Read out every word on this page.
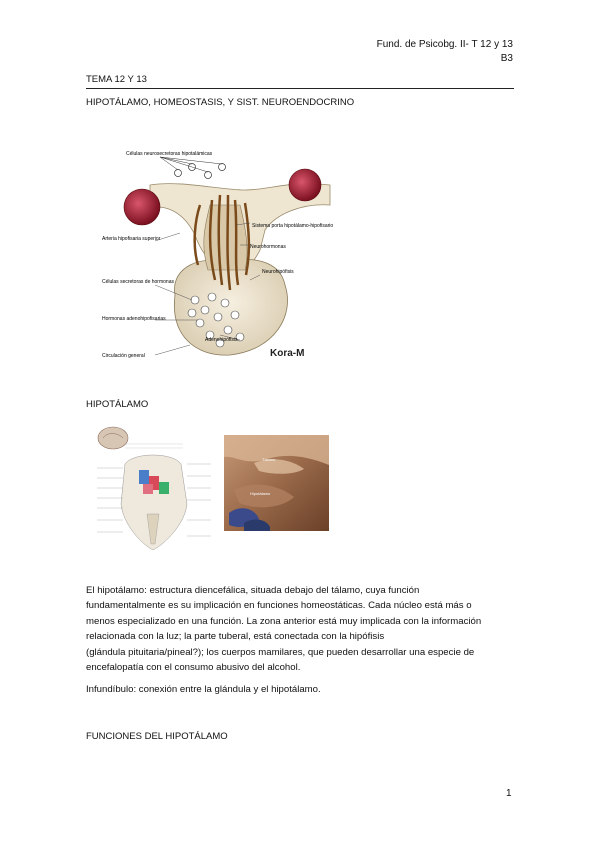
Fund. de Psicobg. II- T 12 y 13
B3
TEMA 12 Y 13
HIPOTÁLAMO, HOMEOSTASIS, Y SIST. NEUROENDOCRINO
Células neurosecretoras hipotalámicas
Sistema porta hipotálamo-hipofisario
Neurohormonas
Arteria hipofisaria superior
Neurohipófisis
Células secretoras de hormonas
Hormonas adenohipofisarias
Adenohipófisis
Circulación general	Kora-M
HIPOTÁLAMO
Tálamo
Hipotálamo
El hipotálamo: estructura diencefálica, situada debajo del tálamo, cuya función
fundamentalmente es su implicación en funciones homeostáticas. Cada núcleo está más o
menos especializado en una función. La zona anterior está muy implicada con la información
relacionada con la luz; la parte tuberal, está conectada con la hipófisis
(glándula pituitaria/pineal?); los cuerpos mamilares, que pueden desarrollar una especie de
encefalopatía con el consumo abusivo del alcohol.
Infundíbulo: conexión entre la glándula y el hipotálamo.
FUNCIONES DEL HIPOTÁLAMO
1
